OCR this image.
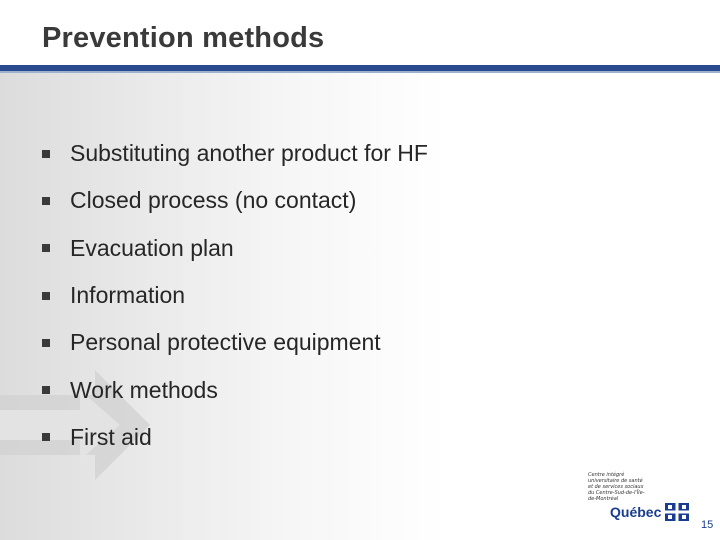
Prevention methods
Substituting another product for HF
Closed process (no contact)
Evacuation plan
Information
Personal protective equipment
Work methods
First aid
Centre intégré universitaire de santé et de services sociaux du Centre-Sud-de-l'Île-de-Montréal
Québec
15
